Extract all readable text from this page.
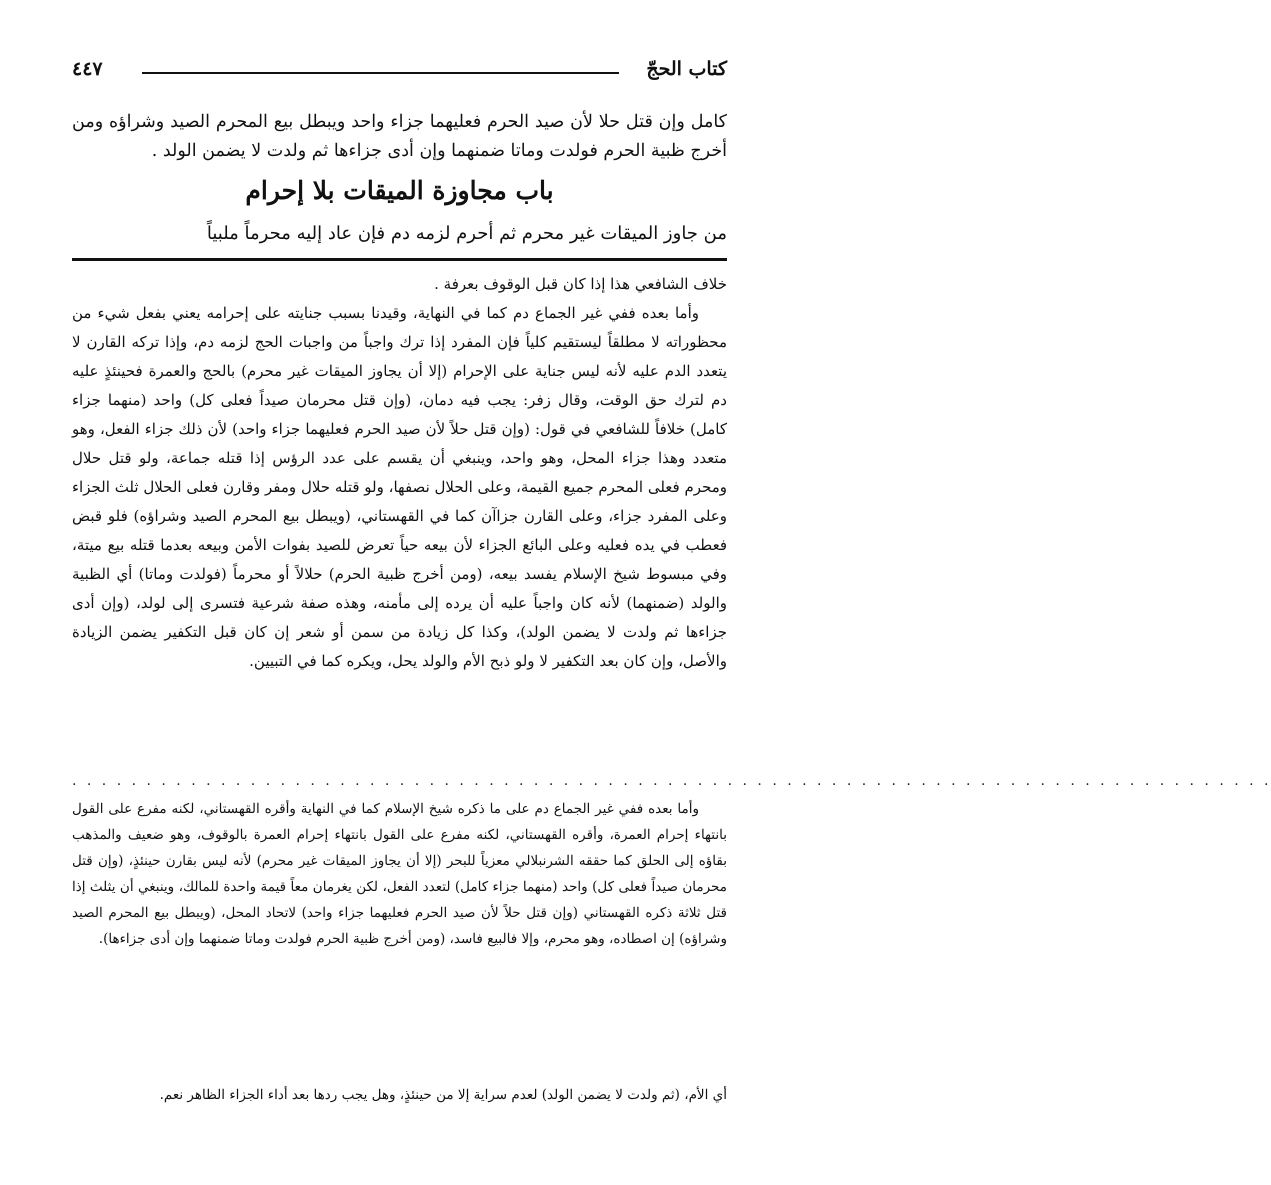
كتاب الحجّ
٤٤٧

كامل وإن قتل حلا لأن صيد الحرم فعليهما جزاء واحد ويبطل بيع المحرم الصيد وشراؤه ومن أخرج ظبية الحرم فولدت وماتا ضمنهما وإن أدى جزاءها ثم ولدت لا يضمن الولد .

باب مجاوزة الميقات بلا إحرام
من جاوز الميقات غير محرم ثم أحرم لزمه دم فإن عاد إليه محرماً ملبياً

خلاف الشافعي هذا إذا كان قبل الوقوف بعرفة .

وأما بعده ففي غير الجماع دم كما في النهاية، وقيدنا بسبب جنايته على إحرامه يعني بفعل شيء من محظوراته لا مطلقاً ليستقيم كلياً فإن المفرد إذا ترك واجباً من واجبات الحج لزمه دم، وإذا تركه القارن لا يتعدد الدم عليه لأنه ليس جناية على الإحرام (إلا أن يجاوز الميقات غير محرم) بالحج والعمرة فحينئذٍ عليه دم لترك حق الوقت، وقال زفر: يجب فيه دمان، (وإن قتل محرمان صيداً فعلى كل) واحد (منهما جزاء كامل) خلافاً للشافعي في قول: (وإن قتل حلاً لأن صيد الحرم فعليهما جزاء واحد) لأن ذلك جزاء الفعل، وهو متعدد وهذا جزاء المحل، وهو واحد، وينبغي أن يقسم على عدد الرؤس إذا قتله جماعة، ولو قتل حلال ومحرم فعلى المحرم جميع القيمة، وعلى الحلال نصفها، ولو قتله حلال ومفر وقارن فعلى الحلال ثلث الجزاء وعلى المفرد جزاء، وعلى القارن جزاآن كما في القهستاني، (ويبطل بيع المحرم الصيد وشراؤه) فلو قبض فعطب في يده فعليه وعلى البائع الجزاء لأن بيعه حياً تعرض للصيد بفوات الأمن وبيعه بعدما قتله بيع ميتة، وفي مبسوط شيخ الإسلام يفسد بيعه، (ومن أخرج ظبية الحرم) حلالاً أو محرماً (فولدت وماتا) أي الظبية والولد (ضمنهما) لأنه كان واجباً عليه أن يرده إلى مأمنه، وهذه صفة شرعية فتسرى إلى لولد، (وإن أدى جزاءها ثم ولدت لا يضمن الولد)، وكذا كل زيادة من سمن أو شعر إن كان قبل التكفير يضمن الزيادة والأصل، وإن كان بعد التكفير لا ولو ذبح الأم والولد يحل، ويكره كما في التبيين.

. . . . . . . . . . . . . . . . . . . . . . . . . . . . . . . . . . . . . . . . . . . . . . . . . . . . . . . . . . . . . . . . . . . . . . . . . . . . . . . . .

وأما بعده ففي غير الجماع دم على ما ذكره شيخ الإسلام كما في النهاية وأقره القهستاني، لكنه مفرع على القول بانتهاء إحرام العمرة، وأقره القهستاني، لكنه مفرع على القول بانتهاء إحرام العمرة بالوقوف، وهو ضعيف والمذهب بقاؤه إلى الحلق كما حققه الشرنبلالي معزياً للبحر (إلا أن يجاوز الميقات غير محرم) لأنه ليس بقارن حينئذٍ، (وإن قتل محرمان صيداً فعلى كل) واحد (منهما جزاء كامل) لتعدد الفعل، لكن يغرمان معاً قيمة واحدة للمالك، وينبغي أن يثلث إذا قتل ثلاثة ذكره القهستاني (وإن قتل حلاً لأن صيد الحرم فعليهما جزاء واحد) لاتحاد المحل، (ويبطل بيع المحرم الصيد وشراؤه) إن اصطاده، وهو محرم، وإلا فالبيع فاسد، (ومن أخرج ظبية الحرم فولدت وماتا ضمنهما وإن أدى جزاءها).

أي الأم، (ثم ولدت لا يضمن الولد) لعدم سراية إلا من حينئذٍ، وهل يجب ردها بعد أداء الجزاء الظاهر نعم.
